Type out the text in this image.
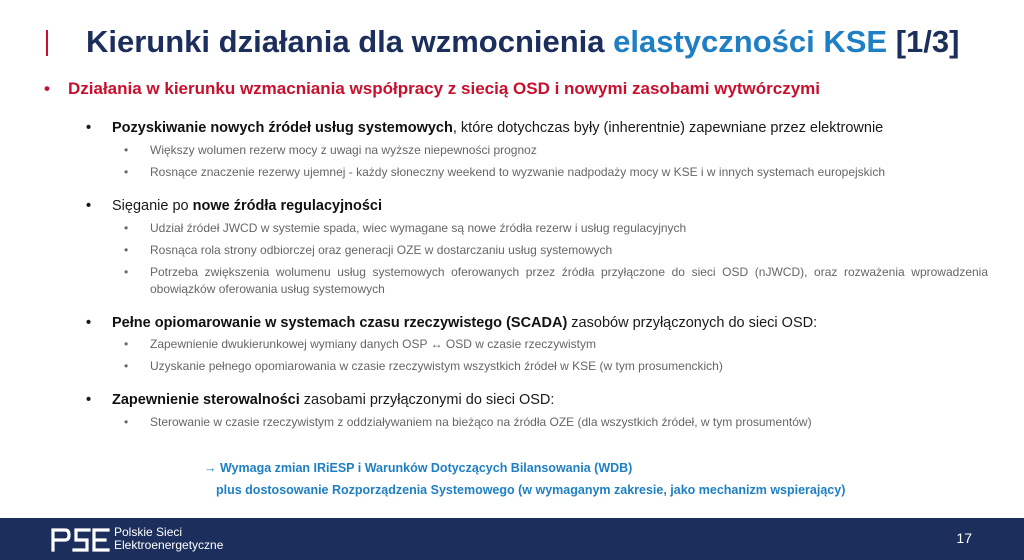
Kierunki działania dla wzmocnienia elastyczności KSE [1/3]
• Działania w kierunku wzmacniania współpracy z siecią OSD i nowymi zasobami wytwórczymi
• Pozyskiwanie nowych źródeł usług systemowych, które dotychczas były (inherentnie) zapewniane przez elektrownie
• Większy wolumen rezerw mocy z uwagi na wyższe niepewności prognoz
• Rosnące znaczenie rezerwy ujemnej - każdy słoneczny weekend to wyzwanie nadpodaży mocy w KSE i w innych systemach europejskich
• Sięganie po nowe źródła regulacyjności
• Udział źródeł JWCD w systemie spada, wiec wymagane są nowe źródła rezerw i usług regulacyjnych
• Rosnąca rola strony odbiorczej oraz generacji OZE w dostarczaniu usług systemowych
• Potrzeba zwiększenia wolumenu usług systemowych oferowanych przez źródła przyłączone do sieci OSD (nJWCD), oraz rozważenia wprowadzenia obowiązków oferowania usług systemowych
• Pełne opiomarowanie w systemach czasu rzeczywistego (SCADA) zasobów przyłączonych do sieci OSD:
• Zapewnienie dwukierunkowej wymiany danych OSP ↔ OSD w czasie rzeczywistym
• Uzyskanie pełnego opomiarowania w czasie rzeczywistym wszystkich źródeł w KSE (w tym prosumenckich)
• Zapewnienie sterowalności zasobami przyłączonymi do sieci OSD:
• Sterowanie w czasie rzeczywistym z oddziaływaniem na bieżąco na źródła OZE (dla wszystkich źródeł, w tym prosumentów)
→ Wymaga zmian IRiESP i Warunków Dotyczących Bilansowania (WDB)
plus dostosowanie Rozporządzenia Systemowego (w wymaganym zakresie, jako mechanizm wspierający)
Polskie Sieci
Elektroenergetyczne	17
